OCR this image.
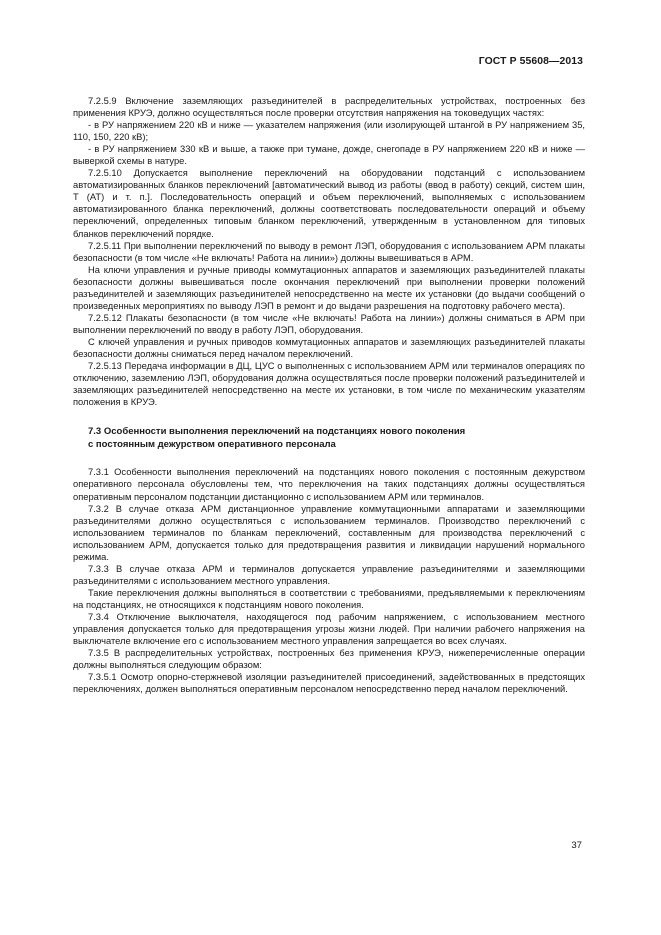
ГОСТ Р 55608—2013

7.2.5.9 Включение заземляющих разъединителей в распределительных устройствах, построенных без применения КРУЭ, должно осуществляться после проверки отсутствия напряжения на токоведущих частях:

- в РУ напряжением 220 кВ и ниже — указателем напряжения (или изолирующей штангой в РУ напряжением 35, 110, 150, 220 кВ);

- в РУ напряжением 330 кВ и выше, а также при тумане, дожде, снегопаде в РУ напряжением 220 кВ и ниже — выверкой схемы в натуре.

7.2.5.10 Допускается выполнение переключений на оборудовании подстанций с использованием автоматизированных бланков переключений [автоматический вывод из работы (ввод в работу) секций, систем шин, Т (АТ) и т. п.]. Последовательность операций и объем переключений, выполняемых с использованием автоматизированного бланка переключений, должны соответствовать последовательности операций и объему переключений, определенных типовым бланком переключений, утвержденным в установленном для типовых бланков переключений порядке.

7.2.5.11 При выполнении переключений по выводу в ремонт ЛЭП, оборудования с использованием АРМ плакаты безопасности (в том числе «Не включать! Работа на линии») должны вывешиваться в АРМ.

На ключи управления и ручные приводы коммутационных аппаратов и заземляющих разъединителей плакаты безопасности должны вывешиваться после окончания переключений при выполнении проверки положений разъединителей и заземляющих разъединителей непосредственно на месте их установки (до выдачи сообщений о произведенных мероприятиях по выводу ЛЭП в ремонт и до выдачи разрешения на подготовку рабочего места).

7.2.5.12 Плакаты безопасности (в том числе «Не включать! Работа на линии») должны сниматься в АРМ при выполнении переключений по вводу в работу ЛЭП, оборудования.

С ключей управления и ручных приводов коммутационных аппаратов и заземляющих разъединителей плакаты безопасности должны сниматься перед началом переключений.

7.2.5.13 Передача информации в ДЦ, ЦУС о выполненных с использованием АРМ или терминалов операциях по отключению, заземлению ЛЭП, оборудования должна осуществляться после проверки положений разъединителей и заземляющих разъединителей непосредственно на месте их установки, в том числе по механическим указателям положения в КРУЭ.

7.3 Особенности выполнения переключений на подстанциях нового поколения
с постоянным дежурством оперативного персонала

7.3.1 Особенности выполнения переключений на подстанциях нового поколения с постоянным дежурством оперативного персонала обусловлены тем, что переключения на таких подстанциях должны осуществляться оперативным персоналом подстанции дистанционно с использованием АРМ или терминалов.

7.3.2 В случае отказа АРМ дистанционное управление коммутационными аппаратами и заземляющими разъединителями должно осуществляться с использованием терминалов. Производство переключений с использованием терминалов по бланкам переключений, составленным для производства переключений с использованием АРМ, допускается только для предотвращения развития и ликвидации нарушений нормального режима.

7.3.3 В случае отказа АРМ и терминалов допускается управление разъединителями и заземляющими разъединителями с использованием местного управления.

Такие переключения должны выполняться в соответствии с требованиями, предъявляемыми к переключениям на подстанциях, не относящихся к подстанциям нового поколения.

7.3.4 Отключение выключателя, находящегося под рабочим напряжением, с использованием местного управления допускается только для предотвращения угрозы жизни людей. При наличии рабочего напряжения на выключателе включение его с использованием местного управления запрещается во всех случаях.

7.3.5 В распределительных устройствах, построенных без применения КРУЭ, нижеперечисленные операции должны выполняться следующим образом:

7.3.5.1 Осмотр опорно-стержневой изоляции разъединителей присоединений, задействованных в предстоящих переключениях, должен выполняться оперативным персоналом непосредственно перед началом переключений.

37
